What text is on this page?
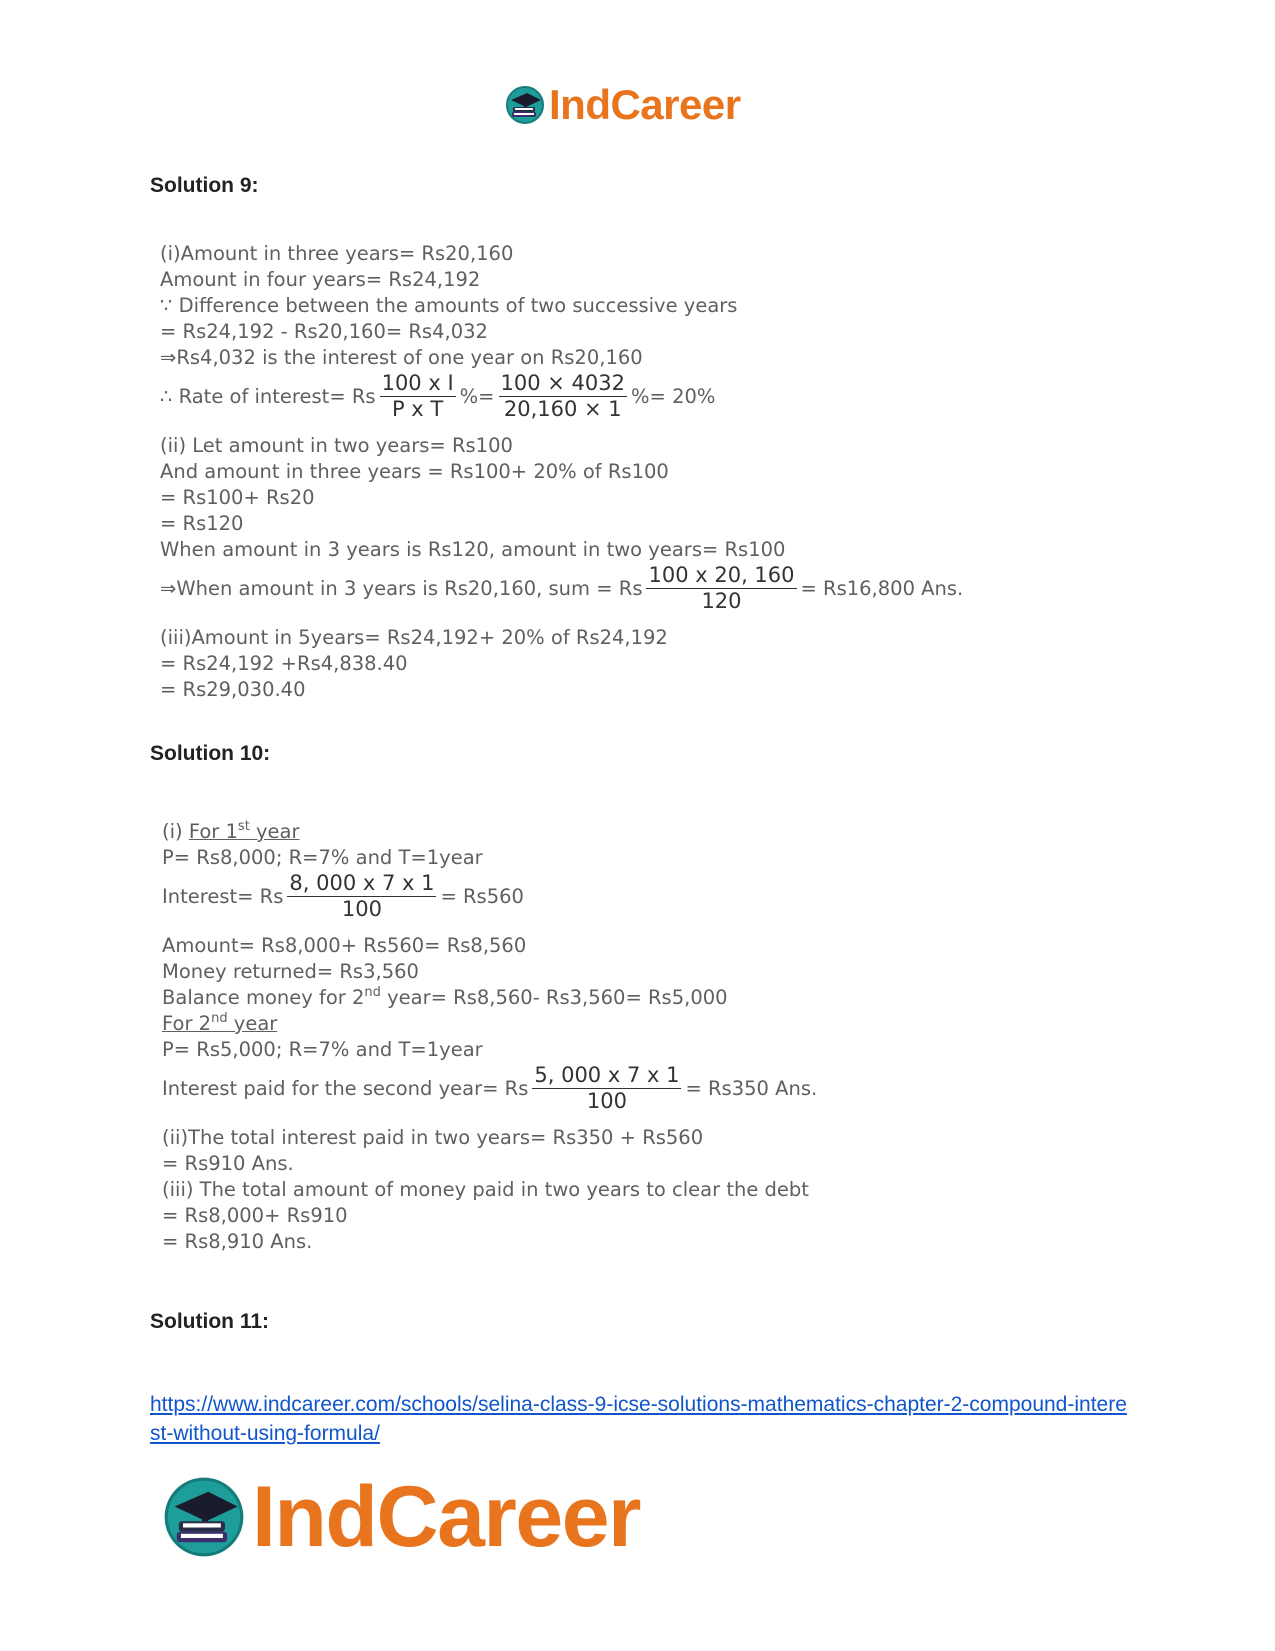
IndCareer
Solution 9:
(i)Amount in three years= Rs20,160
Amount in four years= Rs24,192
∵ Difference between the amounts of two successive years
= Rs24,192 - Rs20,160= Rs4,032
⇒Rs4,032 is the interest of one year on Rs20,160
∴ Rate of interest= Rs $\frac{\text{100 x I}}{\text{P x T}}$ %= $\frac{100 \times 4032}{20,160 \times 1}$ %= 20%
(ii) Let amount in two years= Rs100
And amount in three years = Rs100+ 20% of Rs100
= Rs100+ Rs20
= Rs120
When amount in 3 years is Rs120, amount in two years= Rs100
⇒When amount in 3 years is Rs20,160, sum = Rs $\frac{100 x 20, 160}{120} = Rs16,800$ Ans.
(iii)Amount in 5years= Rs24,192+ 20% of Rs24,192
= Rs24,192 +Rs4,838.40
= Rs29,030.40
Solution 10:
(i) For 1st year
P= Rs8,000; R=7% and T=1year
Interest= Rs $\frac{8, 000 x 7 x 1}{100} = Rs560$
Amount= Rs8,000+ Rs560= Rs8,560
Money returned= Rs3,560
Balance money for 2nd year= Rs8,560- Rs3,560= Rs5,000
For 2nd year
P= Rs5,000; R=7% and T=1year
Interest paid for the second year= Rs $\frac{5, 000 x 7 x 1}{100} = Rs350$ Ans.
(ii)The total interest paid in two years= Rs350 + Rs560
= Rs910 Ans.
(iii) The total amount of money paid in two years to clear the debt
= Rs8,000+ Rs910
= Rs8,910 Ans.
Solution 11:
https://www.indcareer.com/schools/selina-class-9-icse-solutions-mathematics-chapter-2-compound-interest-without-using-formula/
IndCareer
